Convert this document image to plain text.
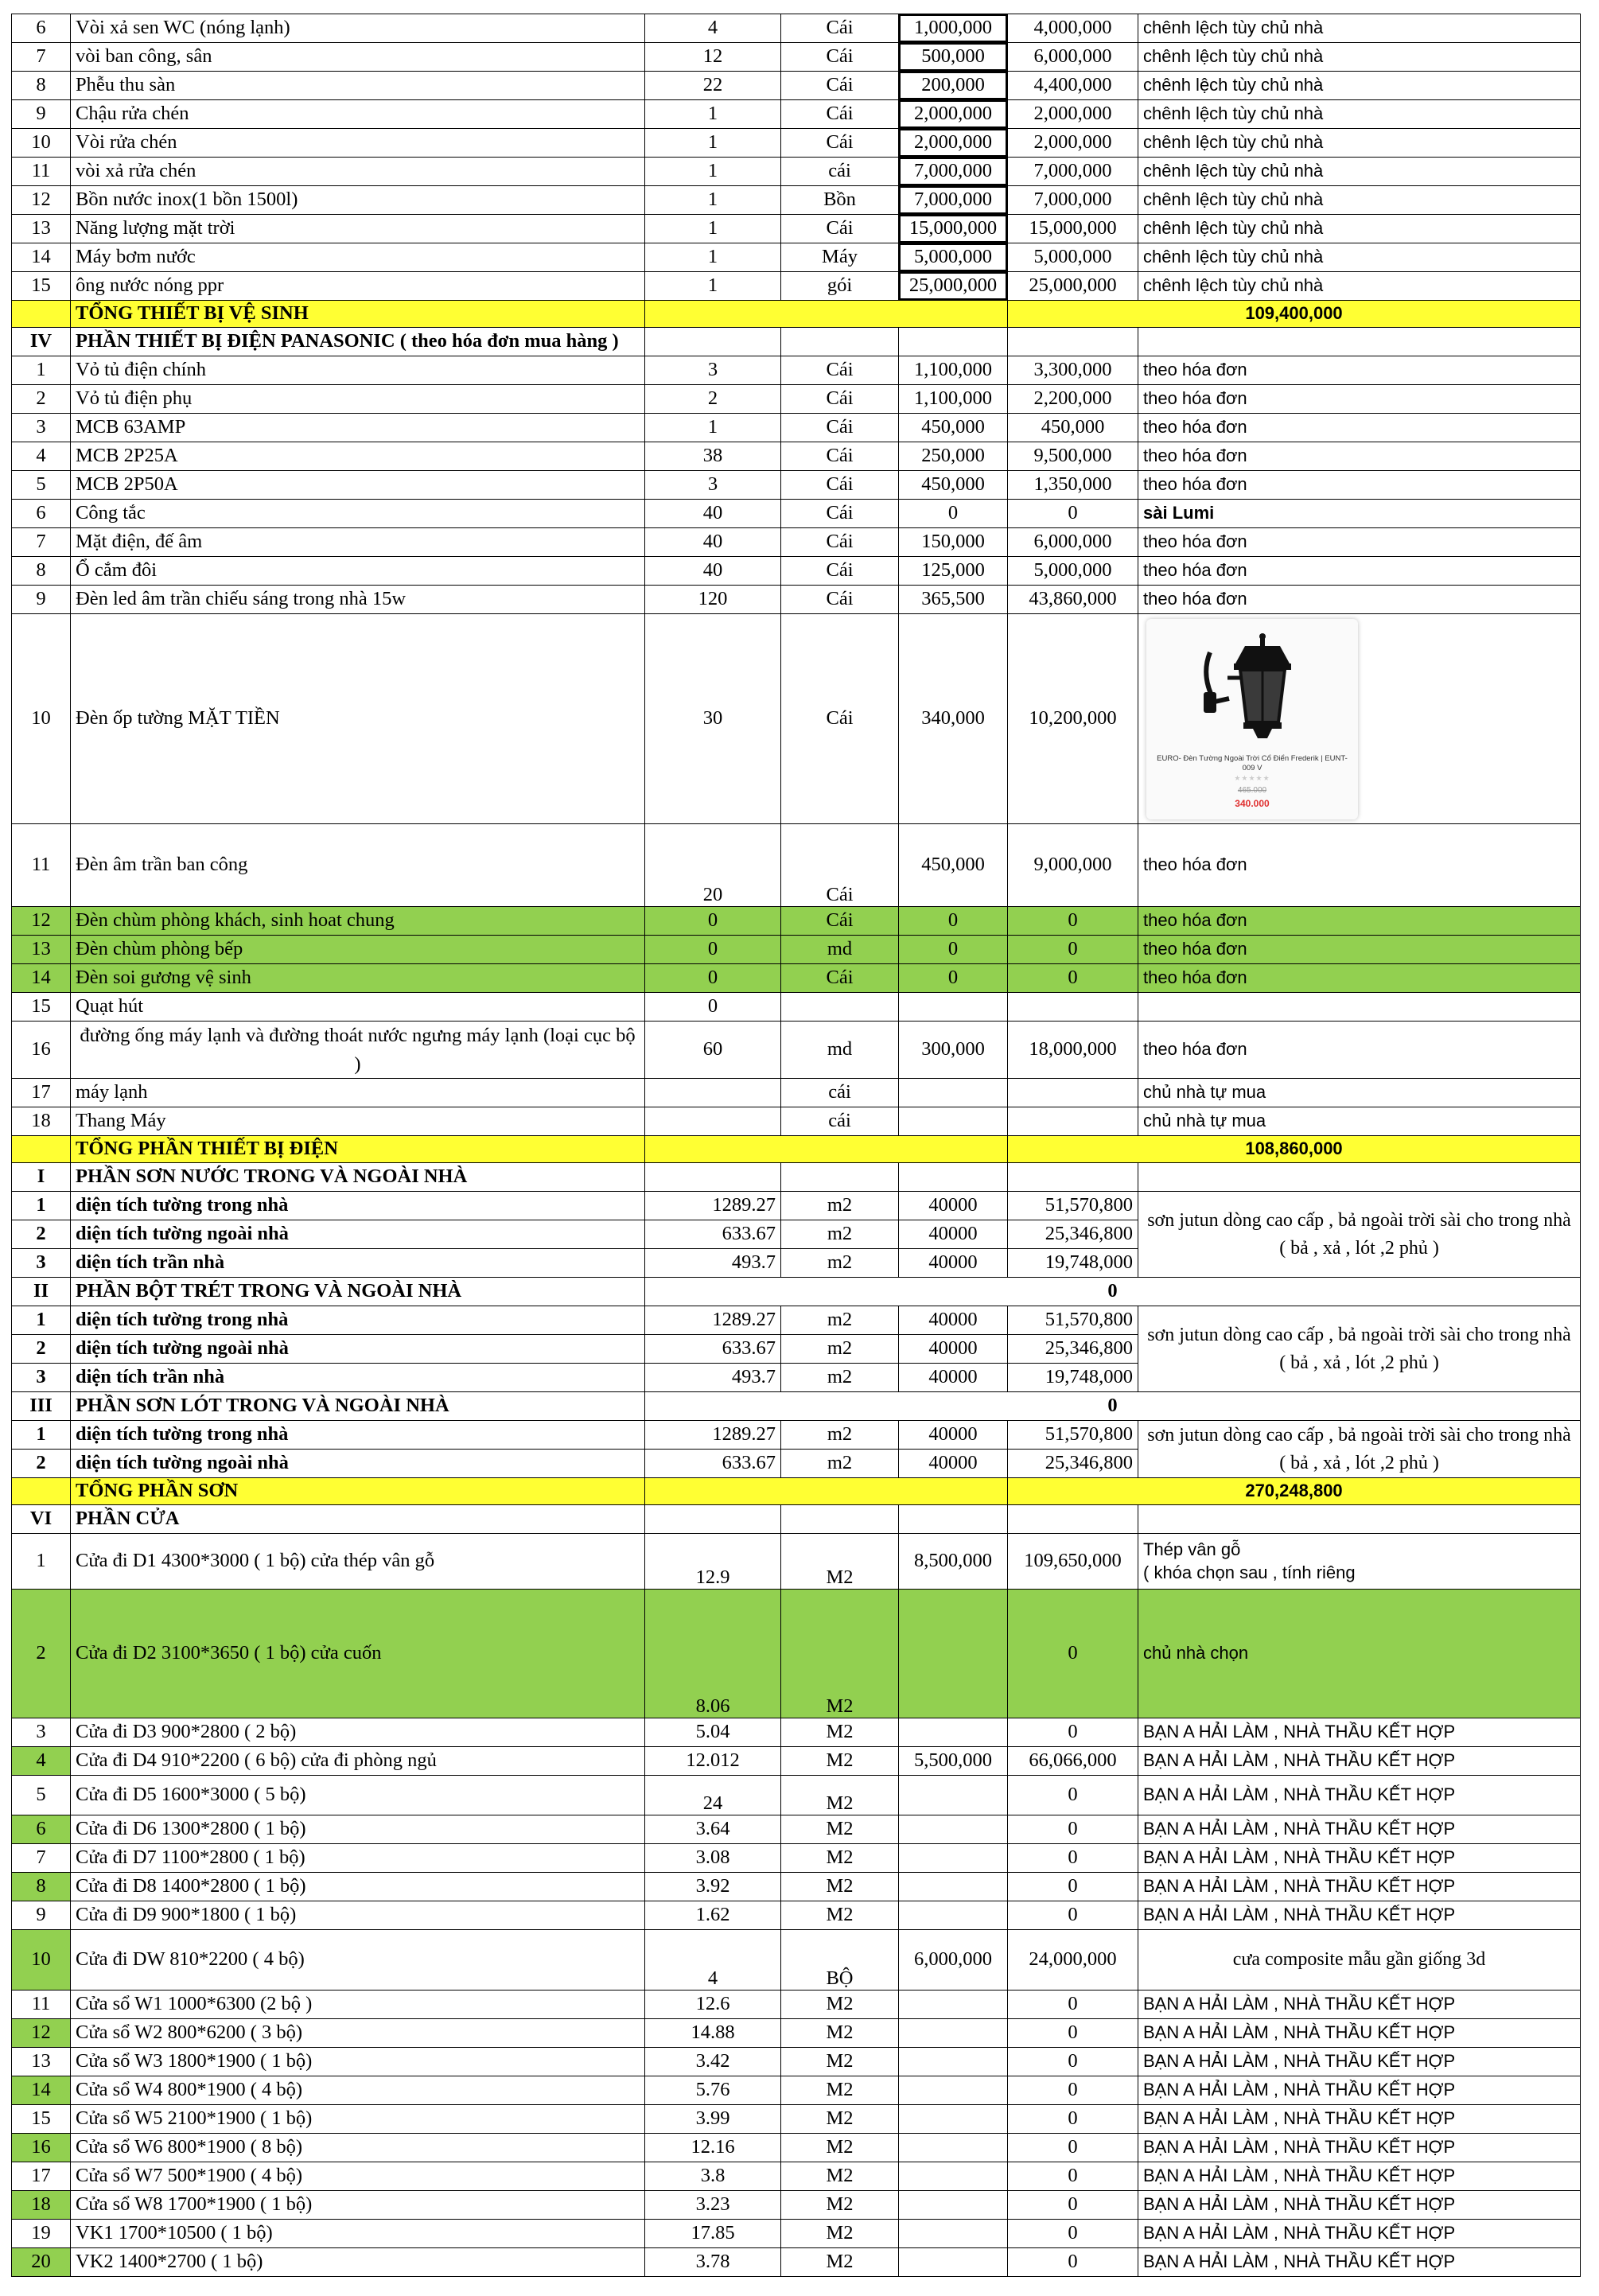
6	Vòi xả sen WC (nóng lạnh)	4	Cái	1,000,000	4,000,000	chênh lệch tùy chủ nhà
7	vòi ban công, sân	12	Cái	500,000	6,000,000	chênh lệch tùy chủ nhà
8	Phễu thu sàn	22	Cái	200,000	4,400,000	chênh lệch tùy chủ nhà
9	Chậu rửa chén	1	Cái	2,000,000	2,000,000	chênh lệch tùy chủ nhà
10	Vòi rửa chén	1	Cái	2,000,000	2,000,000	chênh lệch tùy chủ nhà
11	vòi xả rửa chén	1	cái	7,000,000	7,000,000	chênh lệch tùy chủ nhà
12	Bồn nước inox(1 bồn 1500l)	1	Bồn	7,000,000	7,000,000	chênh lệch tùy chủ nhà
13	Năng lượng mặt trời	1	Cái	15,000,000	15,000,000	chênh lệch tùy chủ nhà
14	Máy bơm nước	1	Máy	5,000,000	5,000,000	chênh lệch tùy chủ nhà
15	ông nước nóng ppr	1	gói	25,000,000	25,000,000	chênh lệch tùy chủ nhà
	TỔNG THIẾT BỊ VỆ SINH				109,400,000	
IV	PHẦN THIẾT BỊ ĐIỆN PANASONIC ( theo hóa đơn mua hàng )					
1	Vỏ tủ điện chính	3	Cái	1,100,000	3,300,000	theo hóa đơn
2	Vỏ tủ điện phụ	2	Cái	1,100,000	2,200,000	theo hóa đơn
3	MCB 63AMP	1	Cái	450,000	450,000	theo hóa đơn
4	MCB 2P25A	38	Cái	250,000	9,500,000	theo hóa đơn
5	MCB 2P50A	3	Cái	450,000	1,350,000	theo hóa đơn
6	Công tắc	40	Cái	0	0	sài Lumi
7	Mặt điện, đế âm	40	Cái	150,000	6,000,000	theo hóa đơn
8	Ổ cắm đôi	40	Cái	125,000	5,000,000	theo hóa đơn
9	Đèn led âm trần chiếu sáng trong nhà 15w	120	Cái	365,500	43,860,000	theo hóa đơn
10	Đèn ốp tường MẶT TIỀN	30	Cái	340,000	10,200,000	EURO- Đèn Tường Ngoài Trời Cổ Điển Frederik | EUNT-009 V
★★★★★
465.000
340.000

11	Đèn âm trần ban công	20	Cái	450,000	9,000,000	theo hóa đơn
12	Đèn chùm phòng khách, sinh hoat chung	0	Cái	0	0	theo hóa đơn
13	Đèn chùm phòng bếp	0	md	0	0	theo hóa đơn
14	Đèn soi gương vệ sinh	0	Cái	0	0	theo hóa đơn
15	Quạt hút	0				
16	đường ống máy lạnh và đường thoát nước ngưng máy lạnh (loại cục bộ )	60	md	300,000	18,000,000	theo hóa đơn
17	máy lạnh		cái			chủ nhà tự mua
18	Thang Máy		cái			chủ nhà tự mua
	TỔNG PHẦN THIẾT BỊ ĐIỆN				108,860,000	
I	PHẦN SƠN NƯỚC TRONG VÀ NGOÀI NHÀ					
1	diện tích tường trong nhà	1289.27	m2	40000	51,570,800	sơn jutun dòng cao cấp , bả ngoài trời sài cho trong nhà ( bả , xả , lót ,2 phủ )
2	diện tích tường ngoài nhà	633.67	m2	40000	25,346,800	
3	diện tích trần nhà	493.7	m2	40000	19,748,000	
II	PHẦN BỘT TRÉT TRONG VÀ NGOÀI NHÀ	0				
1	diện tích tường trong nhà	1289.27	m2	40000	51,570,800	sơn jutun dòng cao cấp , bả ngoài trời sài cho trong nhà ( bả , xả , lót ,2 phủ )
2	diện tích tường ngoài nhà	633.67	m2	40000	25,346,800	
3	diện tích trần nhà	493.7	m2	40000	19,748,000	
III	PHẦN SƠN LÓT TRONG VÀ NGOÀI NHÀ	0				
1	diện tích tường trong nhà	1289.27	m2	40000	51,570,800	sơn jutun dòng cao cấp , bả ngoài trời sài cho trong nhà ( bả , xả , lót ,2 phủ )
2	diện tích tường ngoài nhà	633.67	m2	40000	25,346,800	
	TỔNG PHẦN SƠN				270,248,800	
VI	PHẦN CỬA					
1	Cửa đi D1 4300*3000 ( 1 bộ) cửa thép vân gỗ	12.9	M2	8,500,000	109,650,000	Thép vân gỗ
( khóa chọn sau , tính riêng
2	Cửa đi D2 3100*3650 ( 1 bộ) cửa cuốn	8.06	M2		0	chủ nhà chọn
3	Cửa đi D3 900*2800 ( 2 bộ)	5.04	M2		0	BẠN A HẢI LÀM , NHÀ THẦU KẾT HỢP
4	Cửa đi D4 910*2200 ( 6 bộ) cửa đi phòng ngủ	12.012	M2	5,500,000	66,066,000	BẠN A HẢI LÀM , NHÀ THẦU KẾT HỢP
5	Cửa đi D5 1600*3000 ( 5 bộ)	24	M2		0	BẠN A HẢI LÀM , NHÀ THẦU KẾT HỢP
6	Cửa đi D6 1300*2800 ( 1 bộ)	3.64	M2		0	BẠN A HẢI LÀM , NHÀ THẦU KẾT HỢP
7	Cửa đi D7 1100*2800 ( 1 bộ)	3.08	M2		0	BẠN A HẢI LÀM , NHÀ THẦU KẾT HỢP
8	Cửa đi D8 1400*2800 ( 1 bộ)	3.92	M2		0	BẠN A HẢI LÀM , NHÀ THẦU KẾT HỢP
9	Cửa đi D9 900*1800 ( 1 bộ)	1.62	M2		0	BẠN A HẢI LÀM , NHÀ THẦU KẾT HỢP
10	Cửa đi DW 810*2200 ( 4 bộ)	4	BỘ	6,000,000	24,000,000	cưa composite mẫu gần giống 3d
11	Cửa sổ W1 1000*6300 (2 bộ )	12.6	M2		0	BẠN A HẢI LÀM , NHÀ THẦU KẾT HỢP
12	Cửa sổ W2 800*6200 ( 3 bộ)	14.88	M2		0	BẠN A HẢI LÀM , NHÀ THẦU KẾT HỢP
13	Cửa sổ W3 1800*1900 ( 1 bộ)	3.42	M2		0	BẠN A HẢI LÀM , NHÀ THẦU KẾT HỢP
14	Cửa sổ W4 800*1900 ( 4 bộ)	5.76	M2		0	BẠN A HẢI LÀM , NHÀ THẦU KẾT HỢP
15	Cửa sổ W5 2100*1900 ( 1 bộ)	3.99	M2		0	BẠN A HẢI LÀM , NHÀ THẦU KẾT HỢP
16	Cửa sổ W6 800*1900 ( 8 bộ)	12.16	M2		0	BẠN A HẢI LÀM , NHÀ THẦU KẾT HỢP
17	Cửa sổ W7 500*1900 ( 4 bộ)	3.8	M2		0	BẠN A HẢI LÀM , NHÀ THẦU KẾT HỢP
18	Cửa sổ W8 1700*1900 ( 1 bộ)	3.23	M2		0	BẠN A HẢI LÀM , NHÀ THẦU KẾT HỢP
19	VK1 1700*10500 ( 1 bộ)	17.85	M2		0	BẠN A HẢI LÀM , NHÀ THẦU KẾT HỢP
20	VK2 1400*2700 ( 1 bộ)	3.78	M2		0	BẠN A HẢI LÀM , NHÀ THẦU KẾT HỢP
